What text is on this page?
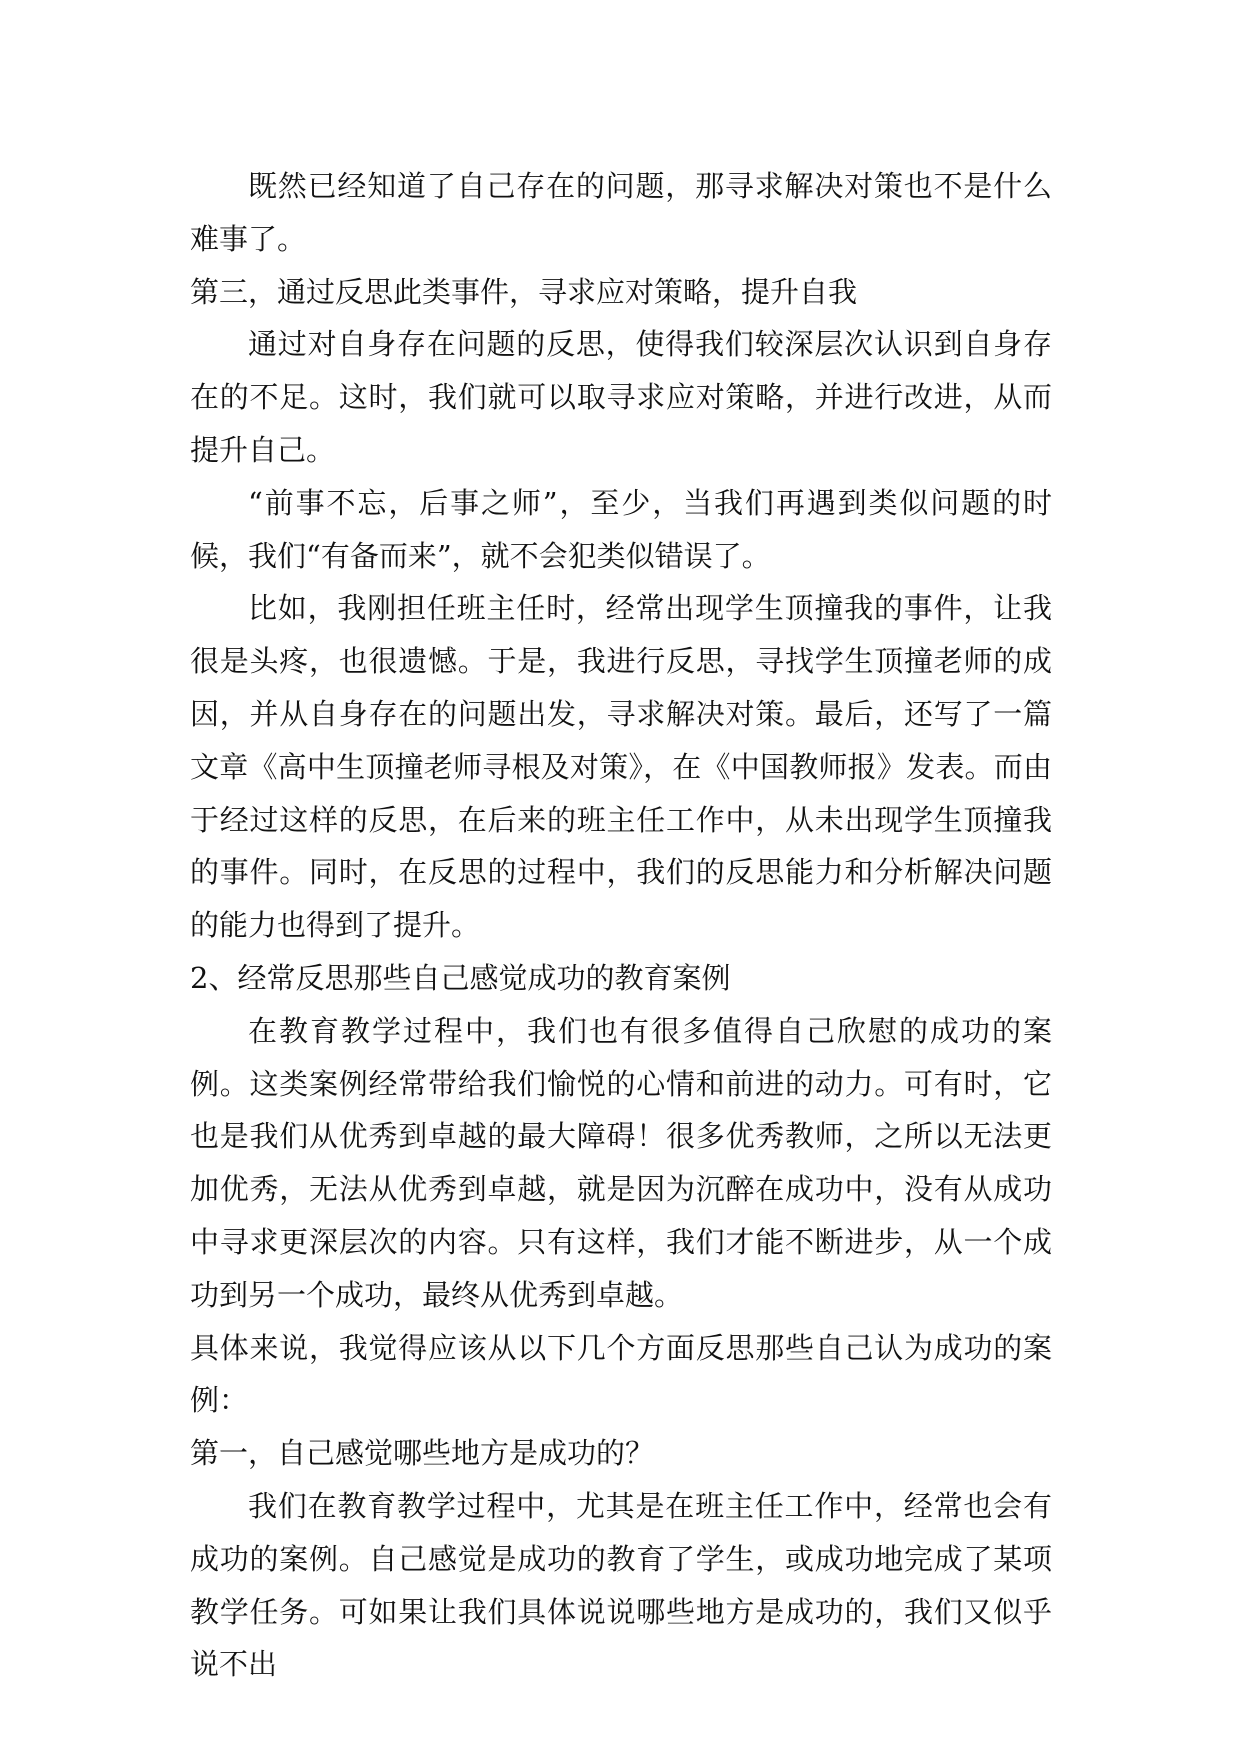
既然已经知道了自己存在的问题，那寻求解决对策也不是什么难事了。

第三，通过反思此类事件，寻求应对策略，提升自我

通过对自身存在问题的反思，使得我们较深层次认识到自身存在的不足。这时，我们就可以取寻求应对策略，并进行改进，从而提升自己。

“前事不忘，后事之师”，至少，当我们再遇到类似问题的时候，我们“有备而来”，就不会犯类似错误了。

比如，我刚担任班主任时，经常出现学生顶撞我的事件，让我很是头疼，也很遗憾。于是，我进行反思，寻找学生顶撞老师的成因，并从自身存在的问题出发，寻求解决对策。最后，还写了一篇文章《高中生顶撞老师寻根及对策》，在《中国教师报》发表。而由于经过这样的反思，在后来的班主任工作中，从未出现学生顶撞我的事件。同时，在反思的过程中，我们的反思能力和分析解决问题的能力也得到了提升。

2、经常反思那些自己感觉成功的教育案例

在教育教学过程中，我们也有很多值得自己欣慰的成功的案例。这类案例经常带给我们愉悦的心情和前进的动力。可有时，它也是我们从优秀到卓越的最大障碍！很多优秀教师，之所以无法更加优秀，无法从优秀到卓越，就是因为沉醉在成功中，没有从成功中寻求更深层次的内容。只有这样，我们才能不断进步，从一个成功到另一个成功，最终从优秀到卓越。

具体来说，我觉得应该从以下几个方面反思那些自己认为成功的案例：

第一，自己感觉哪些地方是成功的？

我们在教育教学过程中，尤其是在班主任工作中，经常也会有成功的案例。自己感觉是成功的教育了学生，或成功地完成了某项教学任务。可如果让我们具体说说哪些地方是成功的，我们又似乎说不出
